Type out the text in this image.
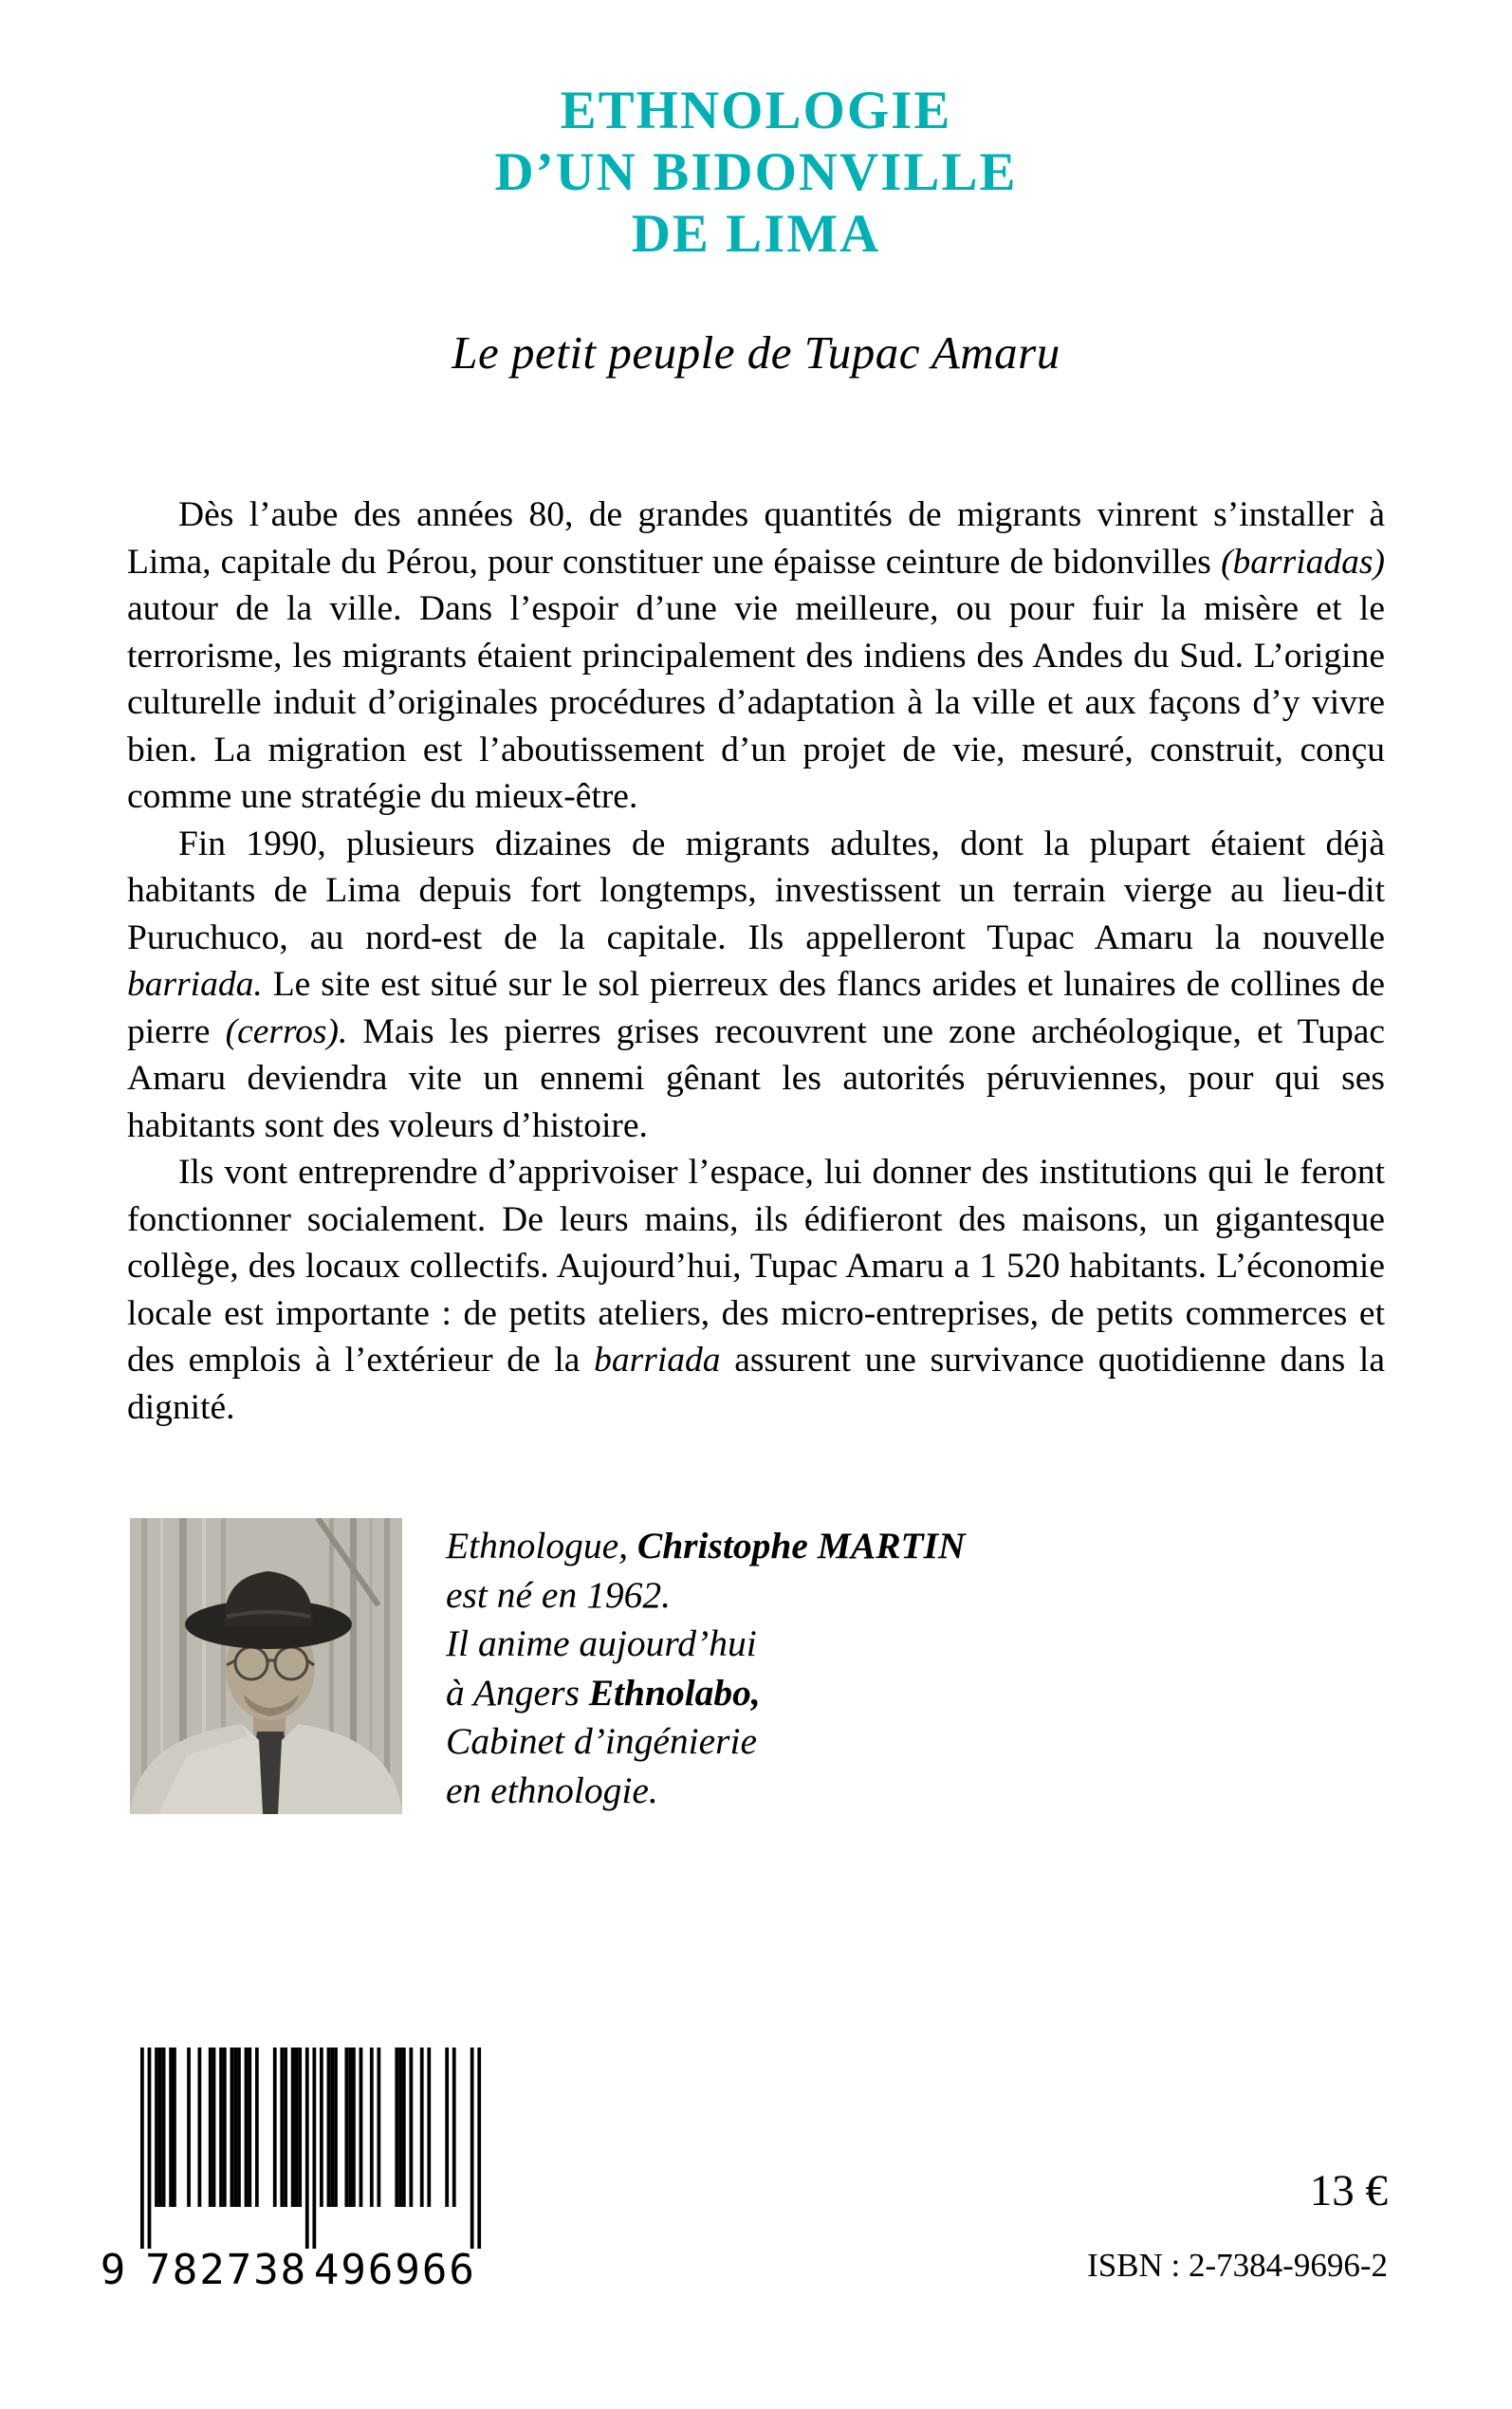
ETHNOLOGIE
D’UN BIDONVILLE
DE LIMA
Le petit peuple de Tupac Amaru

Dès l’aube des années 80, de grandes quantités de migrants vinrent s’installer à Lima, capitale du Pérou, pour constituer une épaisse ceinture de bidonvilles (barriadas) autour de la ville. Dans l’espoir d’une vie meilleure, ou pour fuir la misère et le terrorisme, les migrants étaient principalement des indiens des Andes du Sud. L’origine culturelle induit d’originales procédures d’adaptation à la ville et aux façons d’y vivre bien. La migration est l’aboutissement d’un projet de vie, mesuré, construit, conçu comme une stratégie du mieux-être.

Fin 1990, plusieurs dizaines de migrants adultes, dont la plupart étaient déjà habitants de Lima depuis fort longtemps, investissent un terrain vierge au lieu-dit Puruchuco, au nord-est de la capitale. Ils appelleront Tupac Amaru la nouvelle barriada. Le site est situé sur le sol pierreux des flancs arides et lunaires de collines de pierre (cerros). Mais les pierres grises recouvrent une zone archéologique, et Tupac Amaru deviendra vite un ennemi gênant les autorités péruviennes, pour qui ses habitants sont des voleurs d’histoire.

Ils vont entreprendre d’apprivoiser l’espace, lui donner des institutions qui le feront fonctionner socialement. De leurs mains, ils édifieront des maisons, un gigantesque collège, des locaux collectifs. Aujourd’hui, Tupac Amaru a 1 520 habitants. L’économie locale est importante : de petits ateliers, des micro-entreprises, de petits commerces et des emplois à l’extérieur de la barriada assurent une survivance quotidienne dans la dignité.

Ethnologue, Christophe MARTIN
est né en 1962.
Il anime aujourd’hui
à Angers Ethnolabo,
Cabinet d’ingénierie
en ethnologie.
9 782738 496966
13 €
ISBN : 2-7384-9696-2
